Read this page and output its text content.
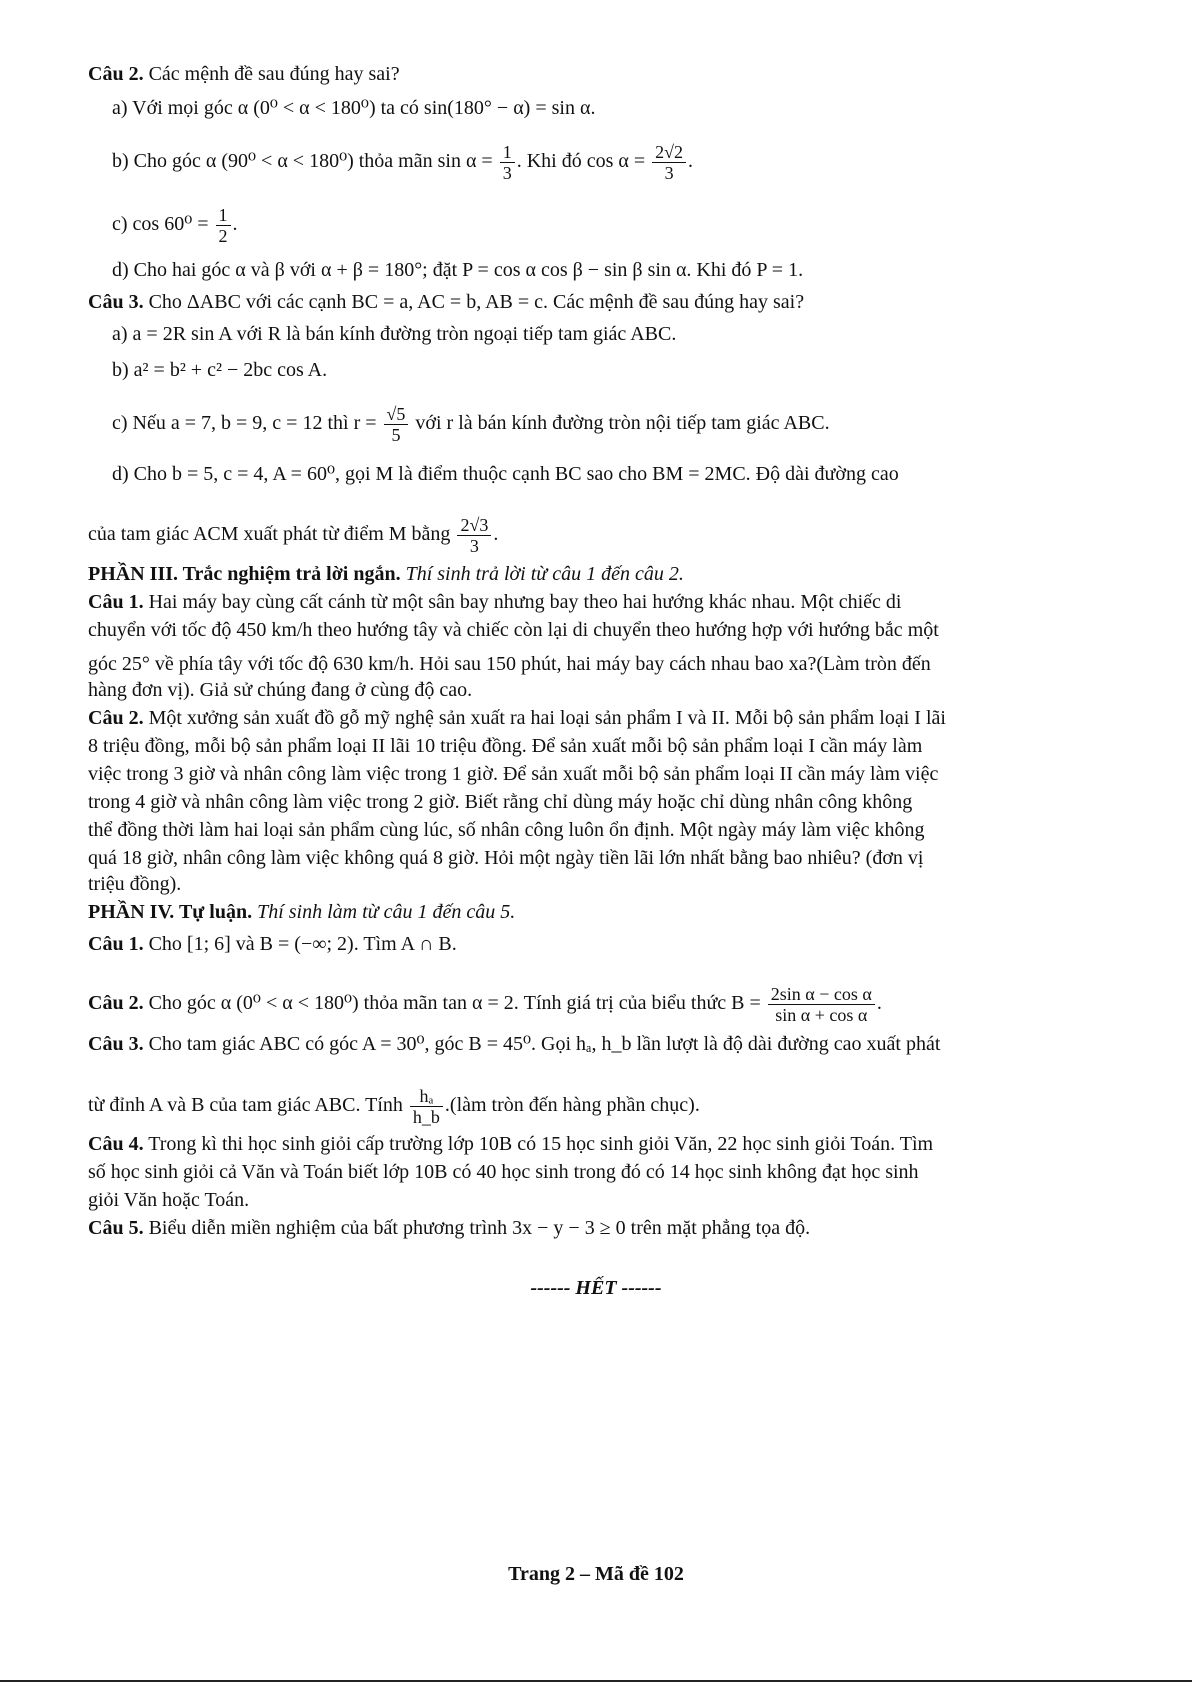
Câu 2. Các mệnh đề sau đúng hay sai?
a) Với mọi góc α (0⁰ < α < 180⁰) ta có sin(180° − α) = sin α.
b) Cho góc α (90⁰ < α < 180⁰) thỏa mãn $\sin \alpha = \frac{1}{3}$ . Khi đó $\cos \alpha = \frac{2√2}{3}$ .
c) $\cos 60^0 = \frac{1}{2}$ .
d) Cho hai góc α và β với α + β = 180°; đặt P = cos α cos β − sin β sin α. Khi đó P = 1.
Câu 3. Cho ΔABC với các cạnh BC = a, AC = b, AB = c. Các mệnh đề sau đúng hay sai?
a) a = 2R sin A với R là bán kính đường tròn ngoại tiếp tam giác ABC.
b) a² = b² + c² − 2bc cos A.
c) Nếu a = 7, b = 9, c = 12 thì $r = \frac{√5}{5}$ với r là bán kính đường tròn nội tiếp tam giác ABC.
d) Cho b = 5, c = 4, A = 60⁰, gọi M là điểm thuộc cạnh BC sao cho BM = 2MC. Độ dài đường cao
của tam giác ACM xuất phát từ điểm M bằng $\frac{2√3}{3}$ .
PHẦN III. Trắc nghiệm trả lời ngắn. Thí sinh trả lời từ câu 1 đến câu 2.
Câu 1. Hai máy bay cùng cất cánh từ một sân bay nhưng bay theo hai hướng khác nhau. Một chiếc di
chuyển với tốc độ 450 km/h theo hướng tây và chiếc còn lại di chuyển theo hướng hợp với hướng bắc một
góc 25° về phía tây với tốc độ 630 km/h. Hỏi sau 150 phút, hai máy bay cách nhau bao xa?(Làm tròn đến
hàng đơn vị). Giả sử chúng đang ở cùng độ cao.
Câu 2. Một xưởng sản xuất đồ gỗ mỹ nghệ sản xuất ra hai loại sản phẩm I và II. Mỗi bộ sản phẩm loại I lãi
8 triệu đồng, mỗi bộ sản phẩm loại II lãi 10 triệu đồng. Để sản xuất mỗi bộ sản phẩm loại I cần máy làm
việc trong 3 giờ và nhân công làm việc trong 1 giờ. Để sản xuất mỗi bộ sản phẩm loại II cần máy làm việc
trong 4 giờ và nhân công làm việc trong 2 giờ. Biết rằng chỉ dùng máy hoặc chỉ dùng nhân công không
thể đồng thời làm hai loại sản phẩm cùng lúc, số nhân công luôn ổn định. Một ngày máy làm việc không
quá 18 giờ, nhân công làm việc không quá 8 giờ. Hỏi một ngày tiền lãi lớn nhất bằng bao nhiêu? (đơn vị
triệu đồng).
PHẦN IV. Tự luận. Thí sinh làm từ câu 1 đến câu 5.
Câu 1. Cho [1; 6] và B = (−∞; 2). Tìm A ∩ B.
Câu 2. Cho góc α (0⁰ < α < 180⁰) thỏa mãn tan α = 2. Tính giá trị của biểu thức $B = \frac{\text{2sin α − cos α}}{\text{sin α + cos α}}$ .
Câu 3. Cho tam giác ABC có góc A = 30⁰, góc B = 45⁰. Gọi hₐ, h_b lần lượt là độ dài đường cao xuất phát
từ đỉnh A và B của tam giác ABC. Tính $\frac{\text{hₐ}}{h\_b}$ .(làm tròn đến hàng phần chục).
Câu 4. Trong kì thi học sinh giỏi cấp trường lớp 10B có 15 học sinh giỏi Văn, 22 học sinh giỏi Toán. Tìm
số học sinh giỏi cả Văn và Toán biết lớp 10B có 40 học sinh trong đó có 14 học sinh không đạt học sinh
giỏi Văn hoặc Toán.
Câu 5. Biểu diễn miền nghiệm của bất phương trình 3x − y − 3 ≥ 0 trên mặt phẳng tọa độ.
------ HẾT ------
Trang 2 – Mã đề 102
